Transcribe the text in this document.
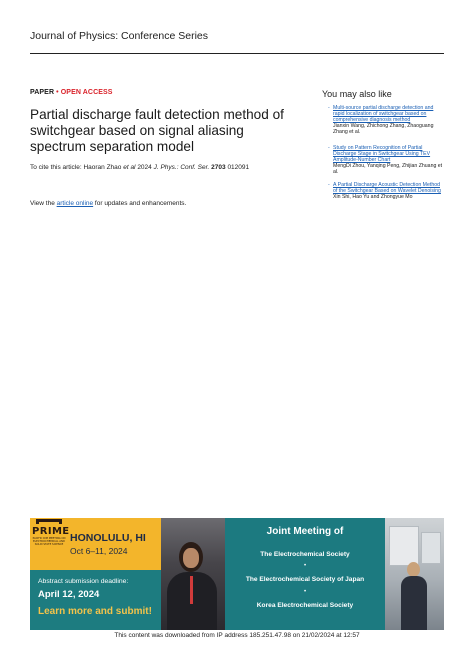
Journal of Physics: Conference Series
PAPER • OPEN ACCESS
Partial discharge fault detection method of switchgear based on signal aliasing spectrum separation model
To cite this article: Haoran Zhao et al 2024 J. Phys.: Conf. Ser. 2703 012091
View the article online for updates and enhancements.
You may also like
- Multi-source partial discharge detection and rapid localization of switchgear based on comprehensive diagnosis method
Jianxin Wang, Zhichong Zhang, Zhaoguang Zhang et al.
- Study on Pattern Recognition of Partial Discharge Stage in Switchgear Using TEV Amplitude-Number Chart
MengDi Zhou, Yanqing Peng, Zhijian Zhuang et al.
- A Partial Discharge Acoustic Detection Method of the Switchgear Based on Wavelet Denoising
Xin Shi, Hao Yu and Zhongyue Mo
PRIME
PACIFIC RIM MEETING ON ELECTROCHEMICAL AND SOLID STATE SCIENCE
HONOLULU, HI
Oct 6–11, 2024
Abstract submission deadline:
April 12, 2024
Learn more and submit!
Joint Meeting of
The Electrochemical Society
•
The Electrochemical Society of Japan
•
Korea Electrochemical Society
This content was downloaded from IP address 185.251.47.98 on 21/02/2024 at 12:57
